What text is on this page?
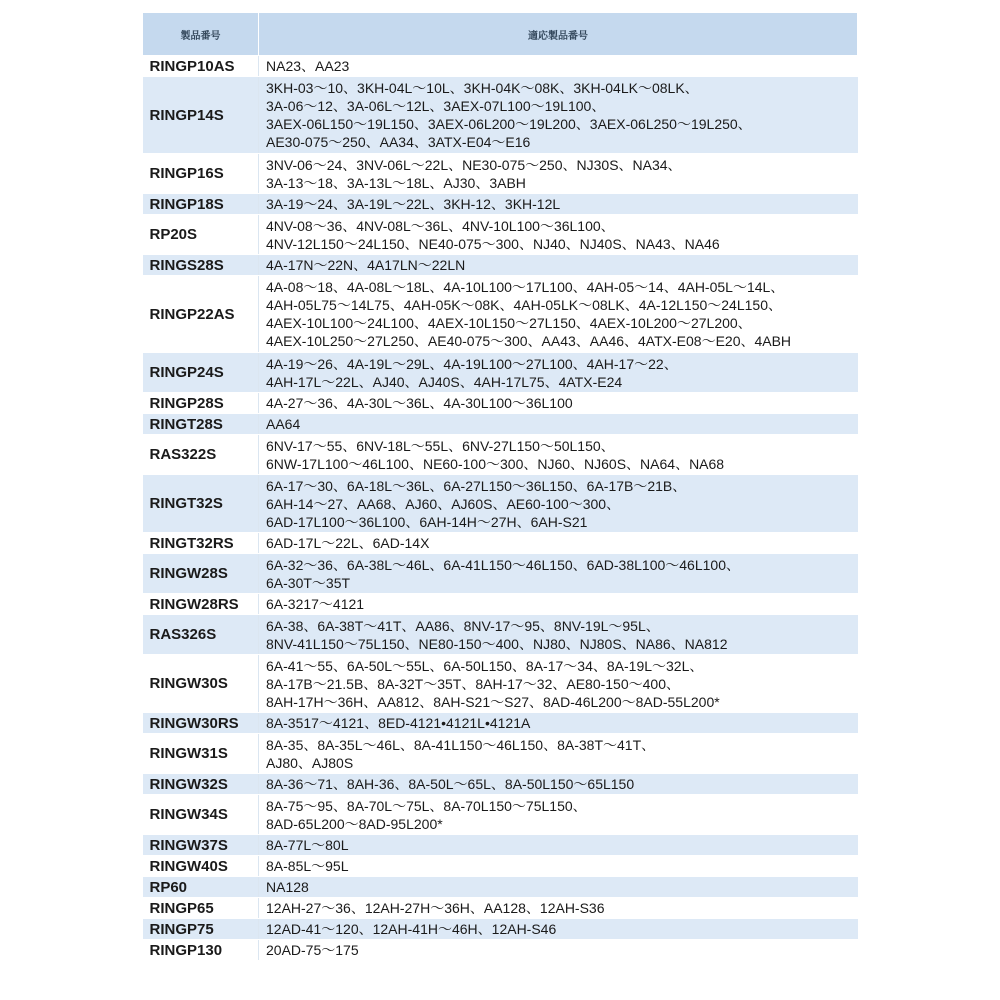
製品番号	適応製品番号
RINGP10AS	NA23、AA23

RINGP14S	3KH-03～10、3KH-04L～10L、3KH-04K～08K、3KH-04LK～08LK、
3A-06～12、3A-06L～12L、3AEX-07L100～19L100、
3AEX-06L150～19L150、3AEX-06L200～19L200、3AEX-06L250～19L250、
AE30-075～250、AA34、3ATX-E04～E16

RINGP16S	3NV-06～24、3NV-06L～22L、NE30-075～250、NJ30S、NA34、
3A-13～18、3A-13L～18L、AJ30、3ABH

RINGP18S	3A-19～24、3A-19L～22L、3KH-12、3KH-12L

RP20S	4NV-08～36、4NV-08L～36L、4NV-10L100～36L100、
4NV-12L150～24L150、NE40-075～300、NJ40、NJ40S、NA43、NA46

RINGS28S	4A-17N～22N、4A17LN～22LN

RINGP22AS	4A-08～18、4A-08L～18L、4A-10L100～17L100、4AH-05～14、4AH-05L～14L、
4AH-05L75～14L75、4AH-05K～08K、4AH-05LK～08LK、4A-12L150～24L150、
4AEX-10L100～24L100、4AEX-10L150～27L150、4AEX-10L200～27L200、
4AEX-10L250～27L250、AE40-075～300、AA43、AA46、4ATX-E08～E20、4ABH

RINGP24S	4A-19～26、4A-19L～29L、4A-19L100～27L100、4AH-17～22、
4AH-17L～22L、AJ40、AJ40S、4AH-17L75、4ATX-E24

RINGP28S	4A-27～36、4A-30L～36L、4A-30L100～36L100

RINGT28S	AA64

RAS322S	6NV-17～55、6NV-18L～55L、6NV-27L150～50L150、
6NW-17L100～46L100、NE60-100～300、NJ60、NJ60S、NA64、NA68

RINGT32S	6A-17～30、6A-18L～36L、6A-27L150～36L150、6A-17B～21B、
6AH-14～27、AA68、AJ60、AJ60S、AE60-100～300、
6AD-17L100～36L100、6AH-14H～27H、6AH-S21

RINGT32RS	6AD-17L～22L、6AD-14X

RINGW28S	6A-32～36、6A-38L～46L、6A-41L150～46L150、6AD-38L100～46L100、
6A-30T～35T

RINGW28RS	6A-3217～4121

RAS326S	6A-38、6A-38T～41T、AA86、8NV-17～95、8NV-19L～95L、
8NV-41L150～75L150、NE80-150～400、NJ80、NJ80S、NA86、NA812

RINGW30S	6A-41～55、6A-50L～55L、6A-50L150、8A-17～34、8A-19L～32L、
8A-17B～21.5B、8A-32T～35T、8AH-17～32、AE80-150～400、
8AH-17H～36H、AA812、8AH-S21～S27、8AD-46L200～8AD-55L200*

RINGW30RS	8A-3517～4121、8ED-4121•4121L•4121A

RINGW31S	8A-35、8A-35L～46L、8A-41L150～46L150、8A-38T～41T、
AJ80、AJ80S

RINGW32S	8A-36～71、8AH-36、8A-50L～65L、8A-50L150～65L150

RINGW34S	8A-75～95、8A-70L～75L、8A-70L150～75L150、
8AD-65L200～8AD-95L200*

RINGW37S	8A-77L～80L

RINGW40S	8A-85L～95L

RP60	NA128

RINGP65	12AH-27～36、12AH-27H～36H、AA128、12AH-S36

RINGP75	12AD-41～120、12AH-41H～46H、12AH-S46

RINGP130	20AD-75～175
